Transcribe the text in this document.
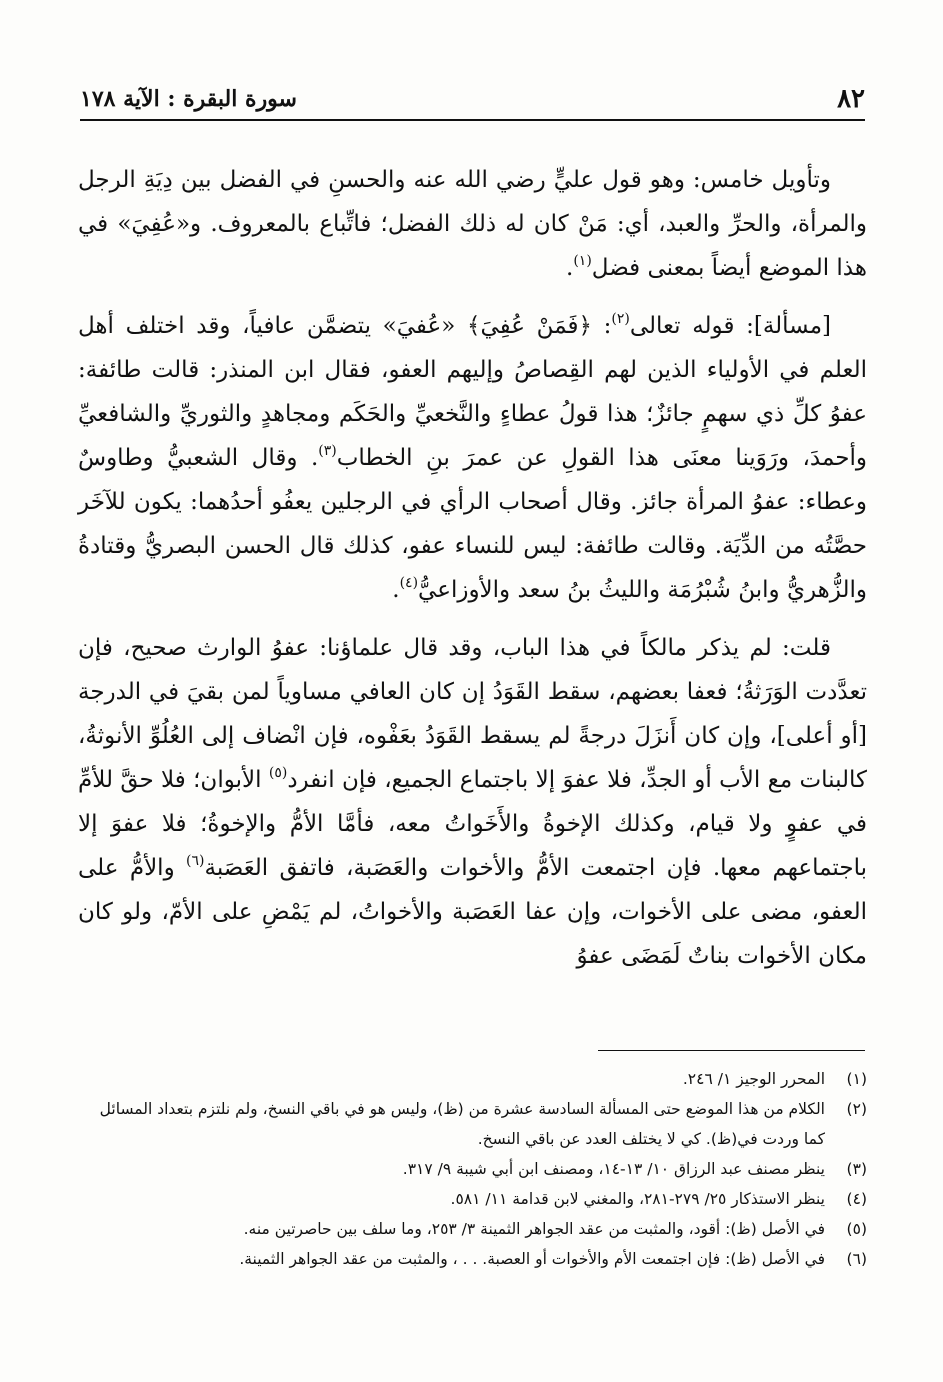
٨٢
سورة البقرة : الآية ١٧٨

وتأويل خامس: وهو قول عليٍّ رضي الله عنه والحسنِ في الفضل بين دِيَةِ الرجل والمرأة، والحرِّ والعبد، أي: مَنْ كان له ذلك الفضل؛ فاتِّباع بالمعروف. و«عُفِيَ» في هذا الموضع أيضاً بمعنى فضل$^{(١)}$.

[مسألة]: قوله تعالى$^{(٢)}$: ﴿فَمَنْ عُفِيَ﴾ «عُفيَ» يتضمَّن عافياً، وقد اختلف أهل العلم في الأولياء الذين لهم القِصاصُ وإليهم العفو، فقال ابن المنذر: قالت طائفة: عفوُ كلِّ ذي سهمٍ جائزٌ؛ هذا قولُ عطاءٍ والنَّخعيِّ والحَكَم ومجاهدٍ والثوريِّ والشافعيِّ وأحمدَ، ورَوَينا معنَى هذا القولِ عن عمرَ بنِ الخطاب$^{(٣)}$. وقال الشعبيُّ وطاوسٌ وعطاء: عفوُ المرأة جائز. وقال أصحاب الرأي في الرجلين يعفُو أحدُهما: يكون للآخَر حصَّتُه من الدِّيَة. وقالت طائفة: ليس للنساء عفو، كذلك قال الحسن البصريُّ وقتادةُ والزُّهريُّ وابنُ شُبْرُمَة والليثُ بنُ سعد والأوزاعيُّ$^{(٤)}$.

قلت: لم يذكر مالكاً في هذا الباب، وقد قال علماؤنا: عفوُ الوارث صحيح، فإن تعدَّدت الوَرَثةُ؛ فعفا بعضهم، سقط القَوَدُ إن كان العافي مساوياً لمن بقيَ في الدرجة [أو أعلى]، وإن كان أَنزَلَ درجةً لم يسقط القَوَدُ بعَفْوه، فإن انْضاف إلى العُلُوِّ الأنوثةُ، كالبنات مع الأب أو الجدِّ، فلا عفوَ إلا باجتماع الجميع، فإن انفرد$^{(٥)}$ الأبوان؛ فلا حقَّ للأمِّ في عفوٍ ولا قيام، وكذلك الإخوةُ والأَخَواتُ معه، فأمَّا الأمُّ والإخوةُ؛ فلا عفوَ إلا باجتماعهم معها. فإن اجتمعت الأمُّ والأخوات والعَصَبة، فاتفق العَصَبة$^{(٦)}$ والأمُّ على العفو، مضى على الأخوات، وإن عفا العَصَبة والأخواتُ، لم يَمْضِ على الأمّ، ولو كان مكان الأخوات بناتٌ لَمَضَى عفوُ

(١)
المحرر الوجيز ١/ ٢٤٦.
(٢)
الكلام من هذا الموضع حتى المسألة السادسة عشرة من (ظ)، وليس هو في باقي النسخ، ولم نلتزم بتعداد المسائل كما وردت في(ظ). كي لا يختلف العدد عن باقي النسخ.
(٣)
ينظر مصنف عبد الرزاق ١٠/ ١٣-١٤، ومصنف ابن أبي شيبة ٩/ ٣١٧.
(٤)
ينظر الاستذكار ٢٥/ ٢٧٩-٢٨١، والمغني لابن قدامة ١١/ ٥٨١.
(٥)
في الأصل (ظ): أقود، والمثبت من عقد الجواهر الثمينة ٣/ ٢٥٣، وما سلف بين حاصرتين منه.
(٦)
في الأصل (ظ): فإن اجتمعت الأم والأخوات أو العصبة. . . ، والمثبت من عقد الجواهر الثمينة.
